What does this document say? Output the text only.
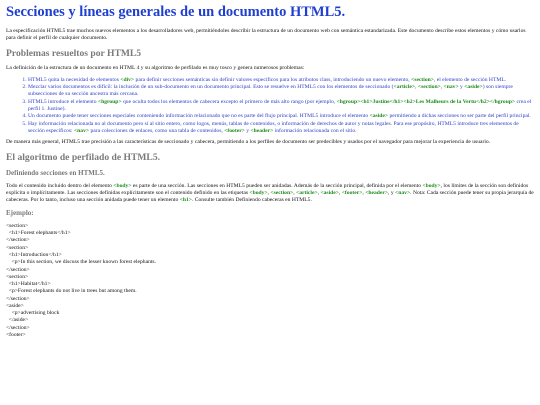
Secciones y líneas generales de un documento HTML5.

La especificación HTML5 trae muchos nuevos elementos a los desarrolladores web, permitiéndoles describir la estructura de un documento web con semántica estandarizada. Este documento describe estos elementos y cómo usarlos para definir el perfil de cualquier documento.

Problemas resueltos por HTML5

La definición de la estructura de un documento en HTML 4 y su algoritmo de perfilado es muy tosco y genera numerosos problemas:

1. HTML5 quita la necesidad de elementos <div> para definir secciones semánticas sin definir valores específicos para los atributos class, introduciendo un nuevo elemento, <section>, el elemento de sección HTML.
2. Mezclar varios documentos es difícil: la inclusión de un sub-documento en un documento principal. Esto se resuelve en HTML5 con los elementos de seccionado (<article>, <section>, <nav> y <aside>) son siempre subsecciones de su sección ancestra más cercana.
3. HTML5 introduce el elemento <hgroup> que oculta todos los elementos de cabecera excepto el primero de más alto rango (por ejemplo, <hgroup><h1>Justine</h1><h2>Les Malheurs de la Vertu</h2></hgroup> crea el perfil 1. Justine).
4. Un documento puede tener secciones especiales conteniendo información relacionado que no es parte del flujo principal. HTML5 introduce el elemento <aside> permitiendo a dichas secciones no ser parte del perfil principal.
5. Hay información relacionada no al documento pero sí al sitio entero, como logos, menús, tablas de contenidos, o información de derechos de autor y notas legales. Para ese propósito, HTML5 introduce tres elementos de sección específicos: <nav> para colecciones de enlaces, como una tabla de contenidos, <footer> y <header> información relacionada con el sitio.

De manera más general, HTML5 trae precisión a las características de seccionado y cabecera, permitiendo a los perfiles de documento ser predecibles y usados por el navegador para mejorar la experiencia de usuario.

El algoritmo de perfilado de HTML5.
Definiendo secciones en HTML5.

Todo el contenido incluido dentro del elemento <body> es parte de una sección. Las secciones en HTML5 pueden ser anidadas. Además de la sección principal, definida por el elemento <body>, los límites de la sección son definidos explícita o implícitamente. Las secciones definidas explícitamente son el contenido definido en las etiquetas <body>, <section>, <article>, <aside>, <footer>, <header>, y <nav>. Nota: Cada sección puede tener su propia jerarquía de cabeceras. Por lo tanto, incluso una sección anidada puede tener un elemento <h1>. Consulte también Definiendo cabeceras en HTML5.

Ejemplo:
<section>
<h1>Forest elephants</h1>
</section>
<section>
<h1>Introduction</h1>
<p>In this section, we discuss the lesser known forest elephants.
</section>
<section>
<h1>Habitat</h1>
<p>Forest elephants do not live in trees but among them.
</section>
<aside>
<p>advertising block
</aside>
</section>
<footer>
